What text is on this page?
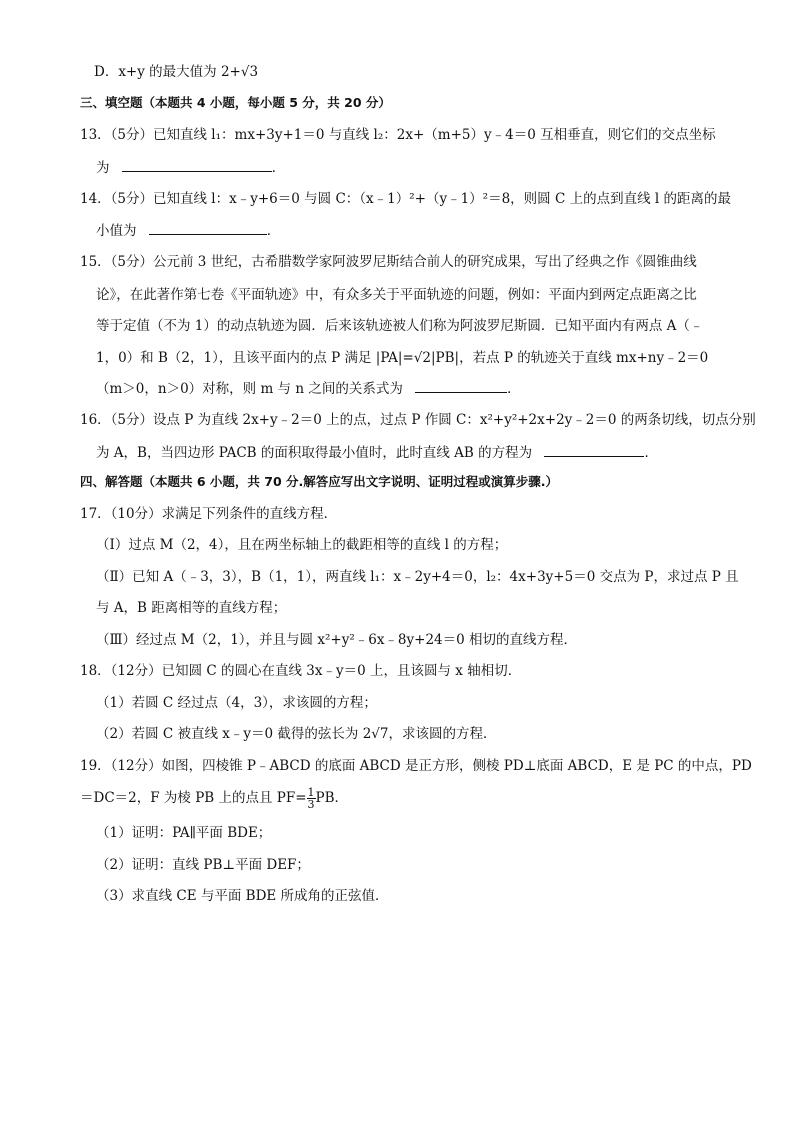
D．x+y 的最大值为 2+√3
三、填空题（本题共 4 小题，每小题 5 分，共 20 分）
13．（5分）已知直线 l₁：mx+3y+1＝0 与直线 l₂：2x+（m+5）y﹣4＝0 互相垂直，则它们的交点坐标
为	．
14．（5分）已知直线 l：x﹣y+6＝0 与圆 C：（x﹣1）²+（y﹣1）²＝8，则圆 C 上的点到直线 l 的距离的最
小值为	．
15．（5分）公元前 3 世纪，古希腊数学家阿波罗尼斯结合前人的研究成果，写出了经典之作《圆锥曲线
论》，在此著作第七卷《平面轨迹》中，有众多关于平面轨迹的问题，例如：平面内到两定点距离之比
等于定值（不为 1）的动点轨迹为圆．后来该轨迹被人们称为阿波罗尼斯圆．已知平面内有两点 A（﹣
1，0）和 B（2，1），且该平面内的点 P 满足 |PA|=√2|PB|，若点 P 的轨迹关于直线 mx+ny﹣2＝0
（m＞0，n＞0）对称，则 m 与 n 之间的关系式为	．
16．（5分）设点 P 为直线 2x+y﹣2＝0 上的点，过点 P 作圆 C：x²+y²+2x+2y﹣2＝0 的两条切线，切点分别
为 A，B，当四边形 PACB 的面积取得最小值时，此时直线 AB 的方程为	．
四、解答题（本题共 6 小题，共 70 分.解答应写出文字说明、证明过程或演算步骤.）
17．（10分）求满足下列条件的直线方程．
（Ⅰ）过点 M（2，4），且在两坐标轴上的截距相等的直线 l 的方程；
（Ⅱ）已知 A（﹣3，3），B（1，1），两直线 l₁：x﹣2y+4＝0，l₂：4x+3y+5＝0 交点为 P，求过点 P 且
与 A，B 距离相等的直线方程；
（Ⅲ）经过点 M（2，1），并且与圆 x²+y²﹣6x﹣8y+24＝0 相切的直线方程．
18．（12分）已知圆 C 的圆心在直线 3x﹣y＝0 上，且该圆与 x 轴相切．
（1）若圆 C 经过点（4，3），求该圆的方程；
（2）若圆 C 被直线 x﹣y＝0 截得的弦长为 2√7，求该圆的方程．
19．（12分）如图，四棱锥 P﹣ABCD 的底面 ABCD 是正方形，侧棱 PD⊥底面 ABCD，E 是 PC 的中点，PD
＝DC＝2，F 为棱 PB 上的点且 $PF= \frac{1}{3}$ PB．
（1）证明：PA∥平面 BDE；
（2）证明：直线 PB⊥平面 DEF；
（3）求直线 CE 与平面 BDE 所成角的正弦值．
